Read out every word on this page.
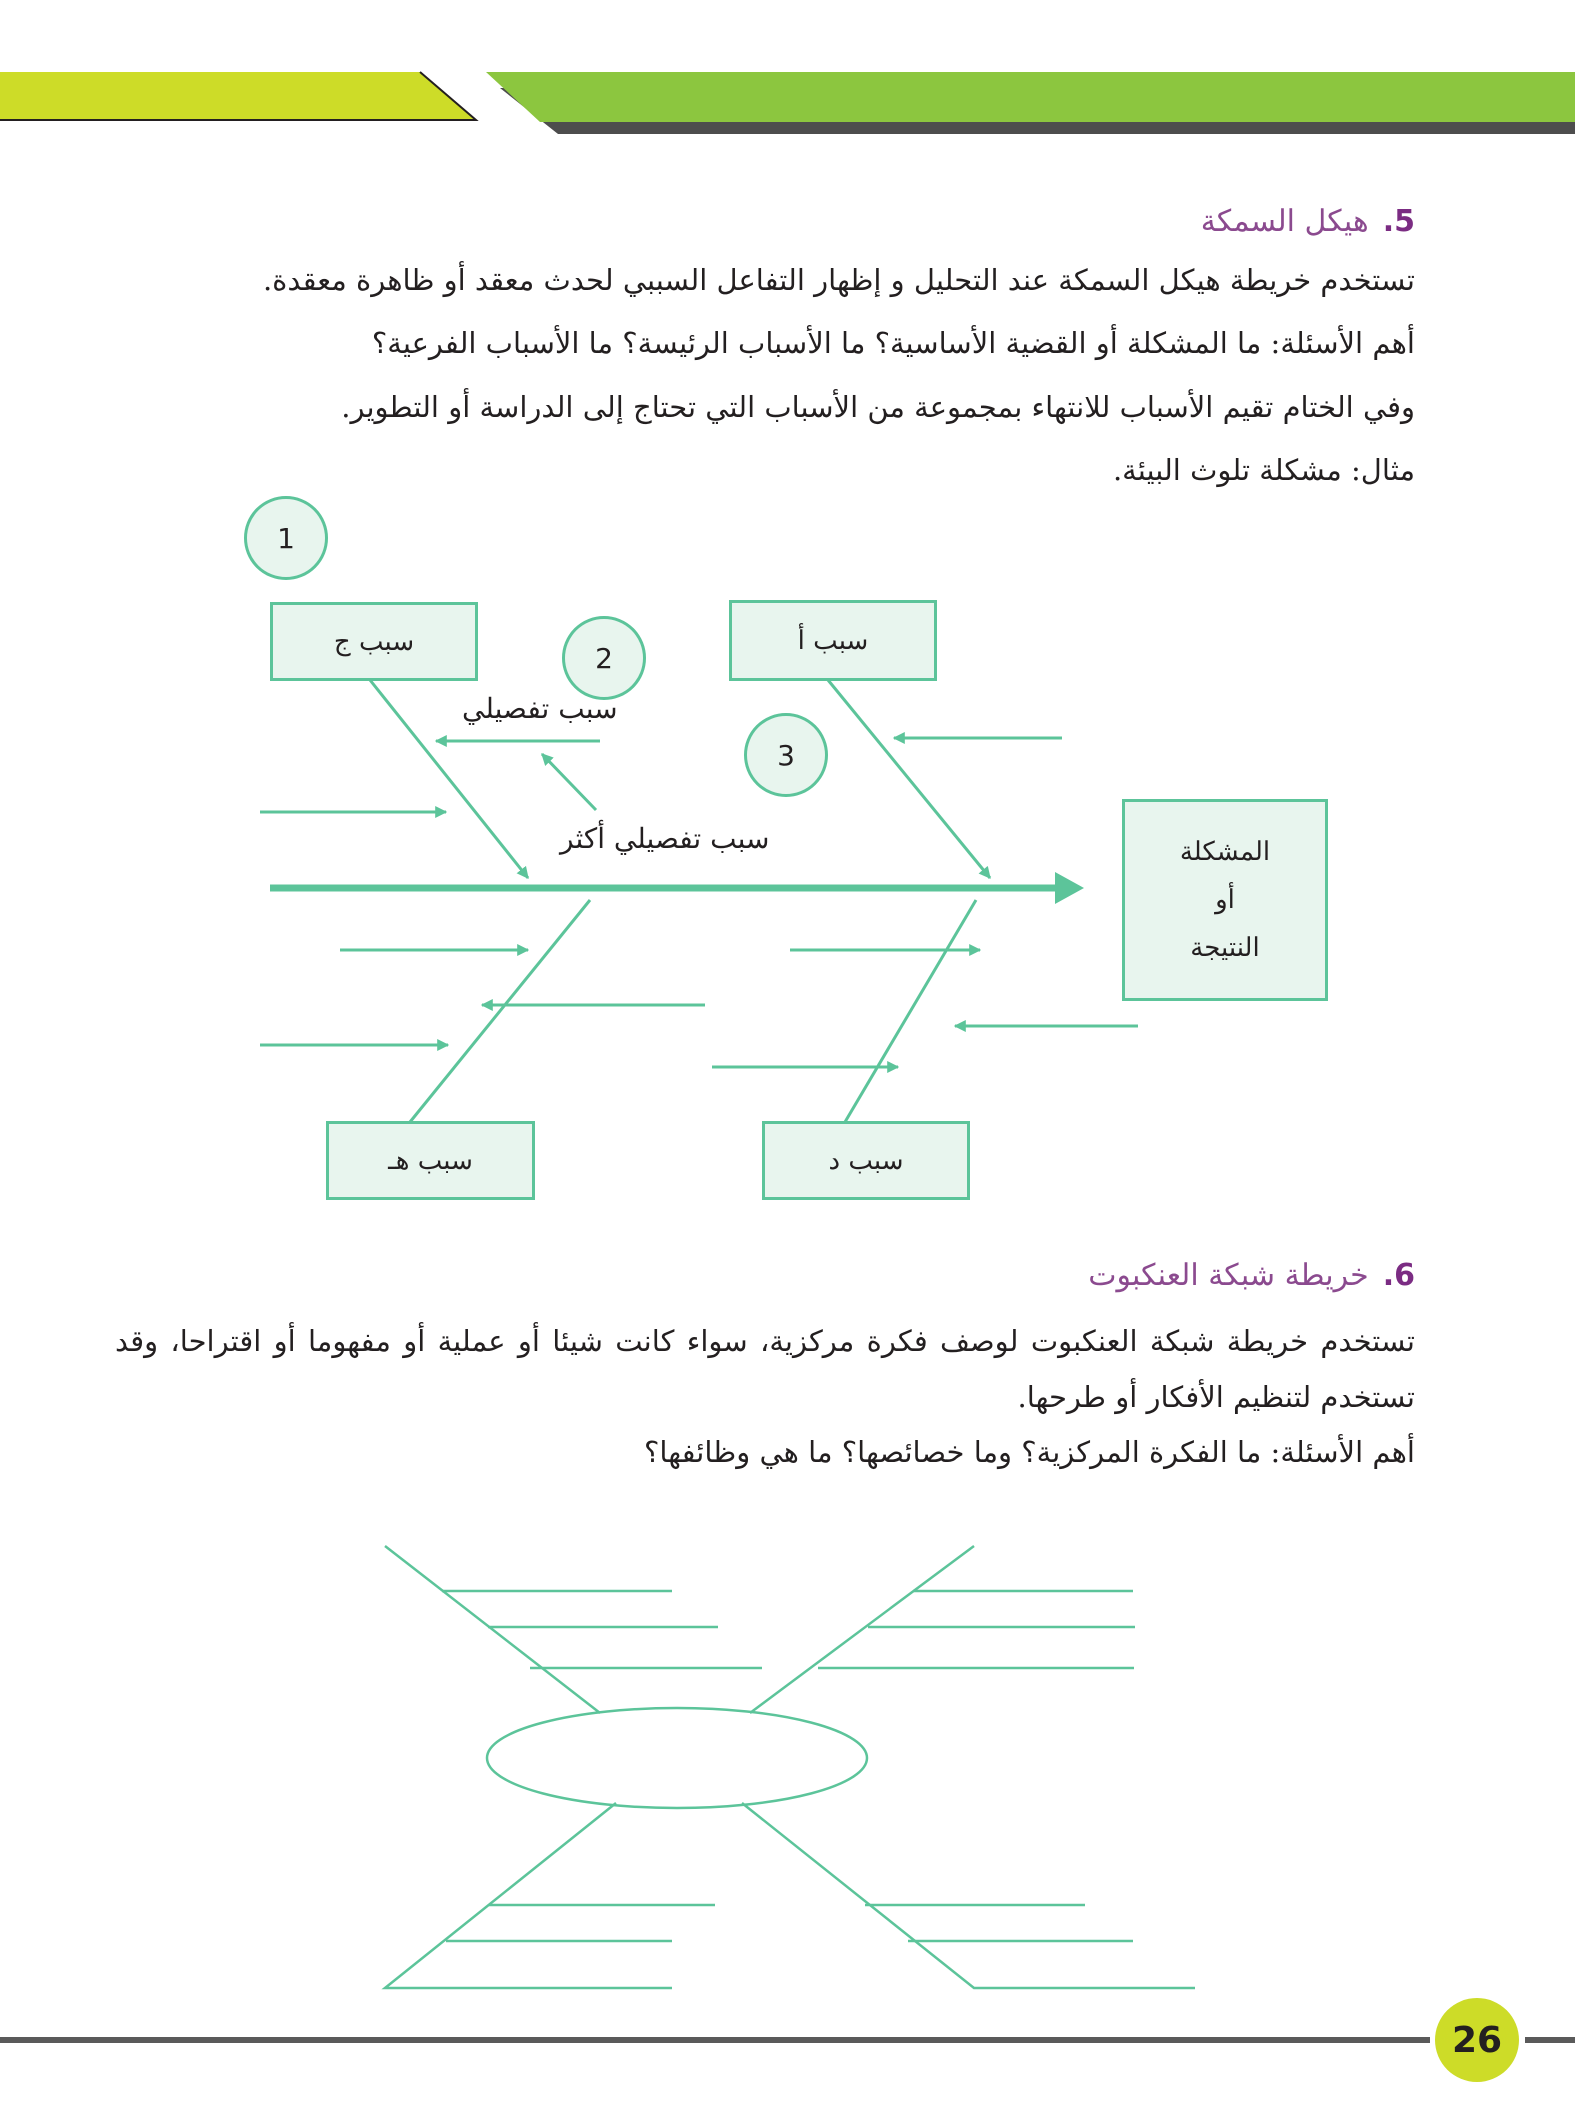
5.هيكل السمكة
تستخدم خريطة هيكل السمكة عند التحليل و إظهار التفاعل السببي لحدث معقد أو ظاهرة معقدة.
أهم الأسئلة: ما المشكلة أو القضية الأساسية؟ ما الأسباب الرئيسة؟ ما الأسباب الفرعية؟
وفي الختام تقيم الأسباب للانتهاء بمجموعة من الأسباب التي تحتاج إلى الدراسة أو التطوير.
مثال: مشكلة تلوث البيئة.
1
2
3
سبب ج	سبب أ
سبب هـ	سبب د
سبب تفصيلي
سبب تفصيلي أكثر	المشكلة
أو
النتيجة
6.خريطة شبكة العنكبوت
تستخدم خريطة شبكة العنكبوت لوصف فكرة مركزية، سواء كانت شيئا أو عملية أو مفهوما أو اقتراحا، وقد تستخدم لتنظيم الأفكار أو طرحها.
أهم الأسئلة: ما الفكرة المركزية؟ وما خصائصها؟ ما هي وظائفها؟
26
